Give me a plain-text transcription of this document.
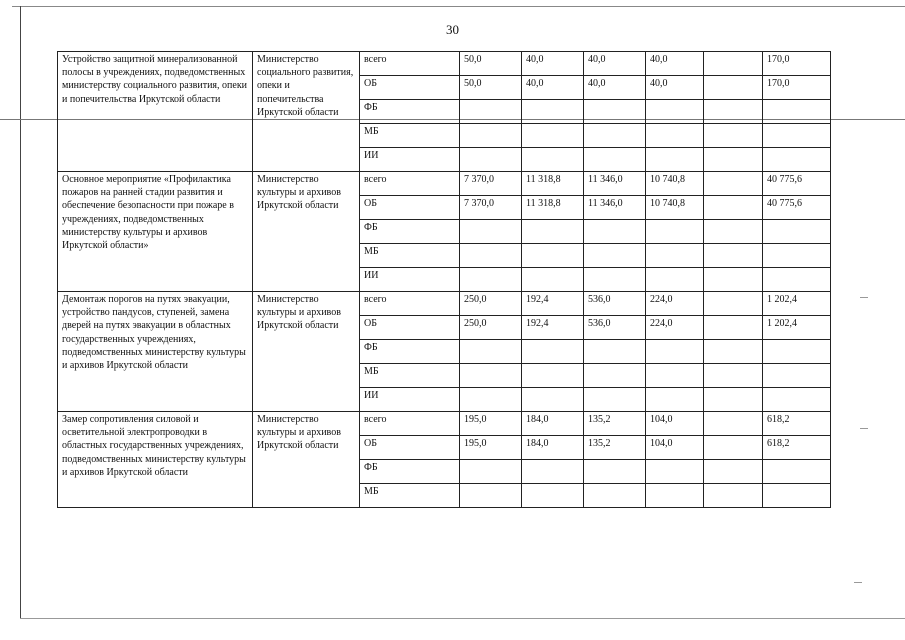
30
Устройство защитной минерализованной полосы в учреждениях, подведомственных министерству социального развития, опеки и попечительства Иркутской области	Министерство социального развития, опеки и попечительства Иркутской области	всего	50,0	40,0	40,0	40,0		170,0
		ОБ	50,0	40,0	40,0	40,0		170,0
		ФБ						
		МБ						
		ИИ						
Основное мероприятие «Профилактика пожаров на ранней стадии развития и обеспечение безопасности при пожаре в учреждениях, подведомственных министерству культуры и архивов Иркутской области»	Министерство культуры и архивов Иркутской области	всего	7 370,0	11 318,8	11 346,0	10 740,8		40 775,6
		ОБ	7 370,0	11 318,8	11 346,0	10 740,8		40 775,6
		ФБ						
		МБ						
		ИИ						
Демонтаж порогов на путях эвакуации, устройство пандусов, ступеней, замена дверей на путях эвакуации в областных государственных учреждениях, подведомственных министерству культуры и архивов Иркутской области	Министерство культуры и архивов Иркутской области	всего	250,0	192,4	536,0	224,0		1 202,4
		ОБ	250,0	192,4	536,0	224,0		1 202,4
		ФБ						
		МБ						
		ИИ						
Замер сопротивления силовой и осветительной электропроводки в областных государственных учреждениях, подведомственных министерству культуры и архивов Иркутской области	Министерство культуры и архивов Иркутской области	всего	195,0	184,0	135,2	104,0		618,2
		ОБ	195,0	184,0	135,2	104,0		618,2
		ФБ						
		МБ						
